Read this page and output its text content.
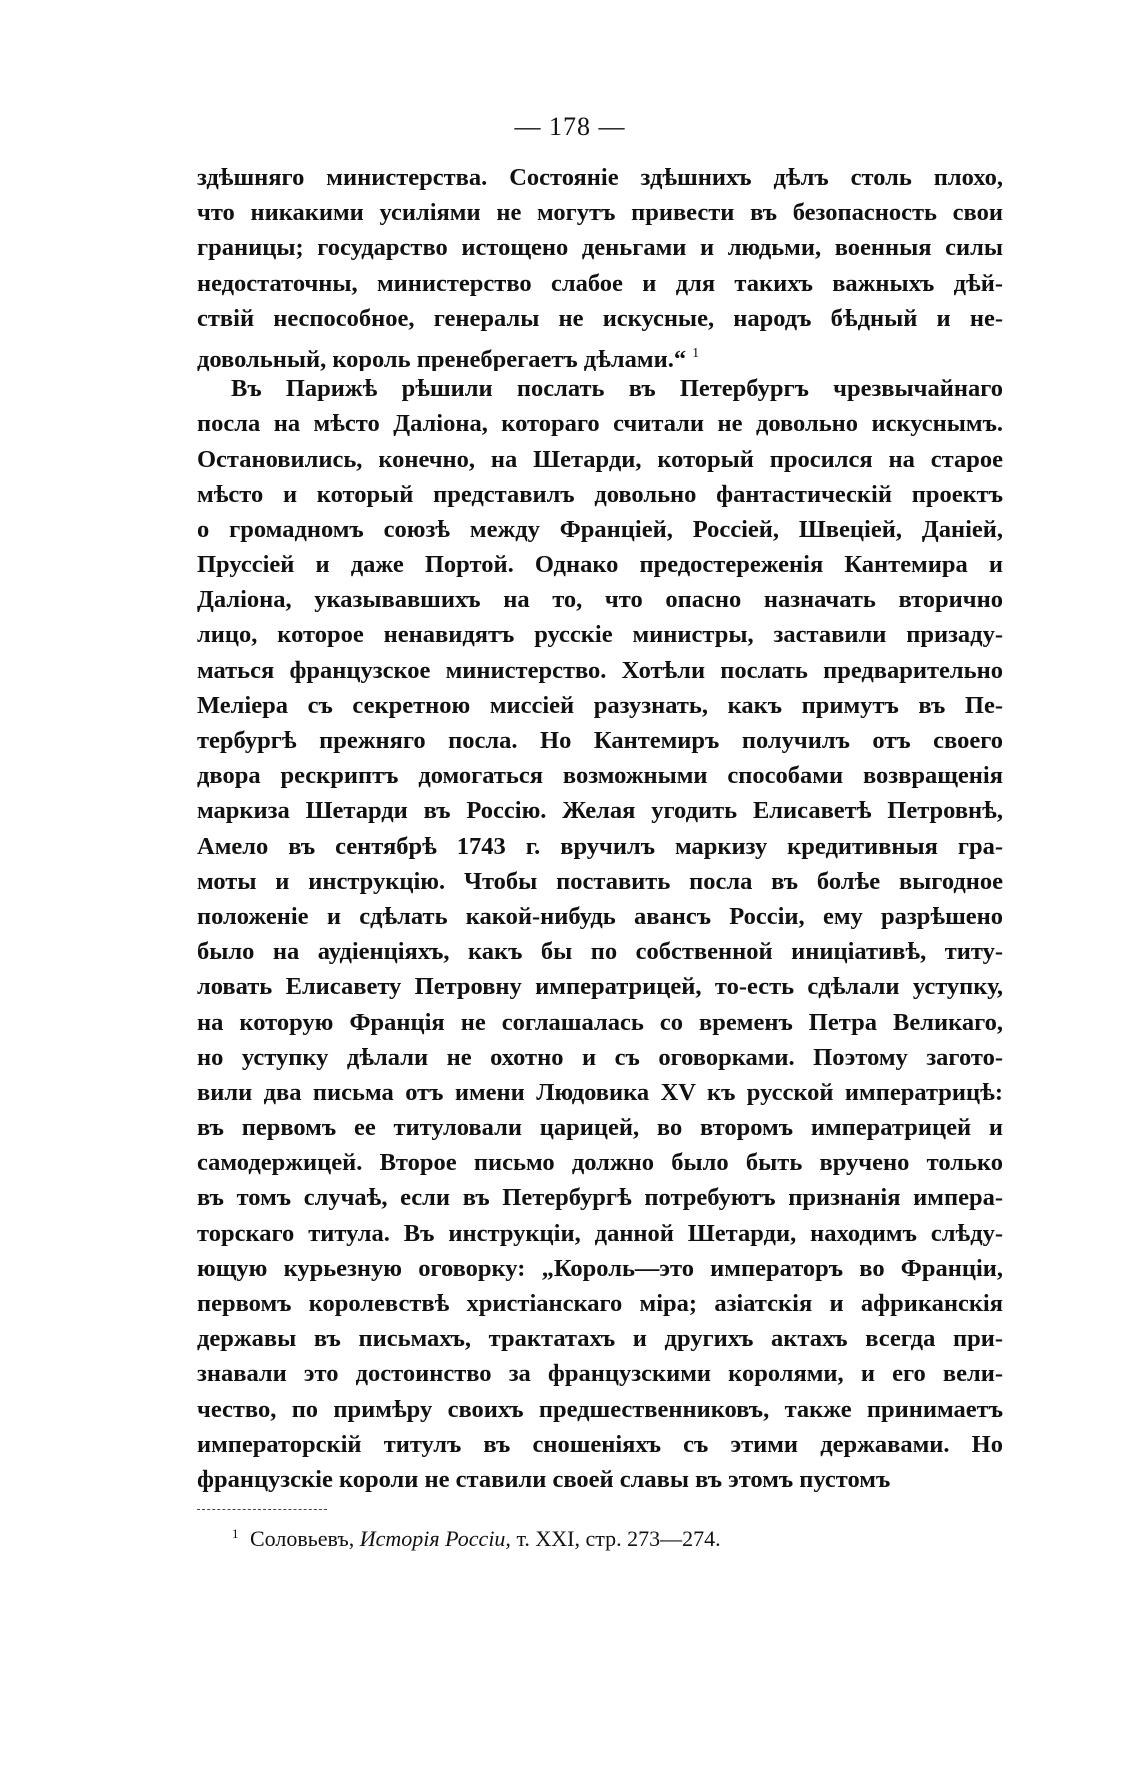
— 178 —
здѣшняго министерства. Состояніе здѣшнихъ дѣлъ столь плохо,
что никакими усиліями не могутъ привести въ безопасность свои
границы; государство истощено деньгами и людьми, военныя силы
недостаточны, министерство слабое и для такихъ важныхъ дѣй-
ствій неспособное, генералы не искусные, народъ бѣдный и не-
довольный, король пренебрегаетъ дѣлами.“ $^1$
Въ Парижѣ рѣшили послать въ Петербургъ чрезвычайнаго
посла на мѣсто Даліона, котораго считали не довольно искуснымъ.
Остановились, конечно, на Шетарди, который просился на старое
мѣсто и который представилъ довольно фантастическій проектъ
о громадномъ союзѣ между Франціей, Россіей, Швеціей, Даніей,
Пруссіей и даже Портой. Однако предостереженія Кантемира и
Даліона, указывавшихъ на то, что опасно назначать вторично
лицо, которое ненавидятъ русскіе министры, заставили призаду-
маться французское министерство. Хотѣли послать предварительно
Мелiера съ секретною миссіей разузнать, какъ примутъ въ Пе-
тербургѣ прежняго посла. Но Кантемиръ получилъ отъ своего
двора рескриптъ домогаться возможными способами возвращенія
маркиза Шетарди въ Россію. Желая угодить Елисаветѣ Петровнѣ,
Амело въ сентябрѣ 1743 г. вручилъ маркизу кредитивныя гра-
моты и инструкцію. Чтобы поставить посла въ болѣе выгодное
положеніе и сдѣлать какой-нибудь авансъ Россіи, ему разрѣшено
было на аудіенціяхъ, какъ бы по собственной иниціативѣ, титу-
ловать Елисавету Петровну императрицей, то-есть сдѣлали уступку,
на которую Франція не соглашалась со временъ Петра Великаго,
но уступку дѣлали не охотно и съ оговорками. Поэтому загото-
вили два письма отъ имени Людовика XV къ русской императрицѣ:
въ первомъ ее титуловали царицей, во второмъ императрицей и
самодержицей. Второе письмо должно было быть вручено только
въ томъ случаѣ, если въ Петербургѣ потребуютъ признанія импера-
торскаго титула. Въ инструкціи, данной Шетарди, находимъ слѣду-
ющую курьезную оговорку: „Король—это императоръ во Франціи,
первомъ королевствѣ христіанскаго міра; азіатскія и африканскія
державы въ письмахъ, трактатахъ и другихъ актахъ всегда при-
знавали это достоинство за французскими королями, и его вели-
чество, по примѣру своихъ предшественниковъ, также принимаетъ
императорскій титулъ въ сношеніяхъ съ этими державами. Но
французскіе короли не ставили своей славы въ этомъ пустомъ
$^1$ Соловьевъ, Исторія Россіи, т. XXI, стр. 273—274.
